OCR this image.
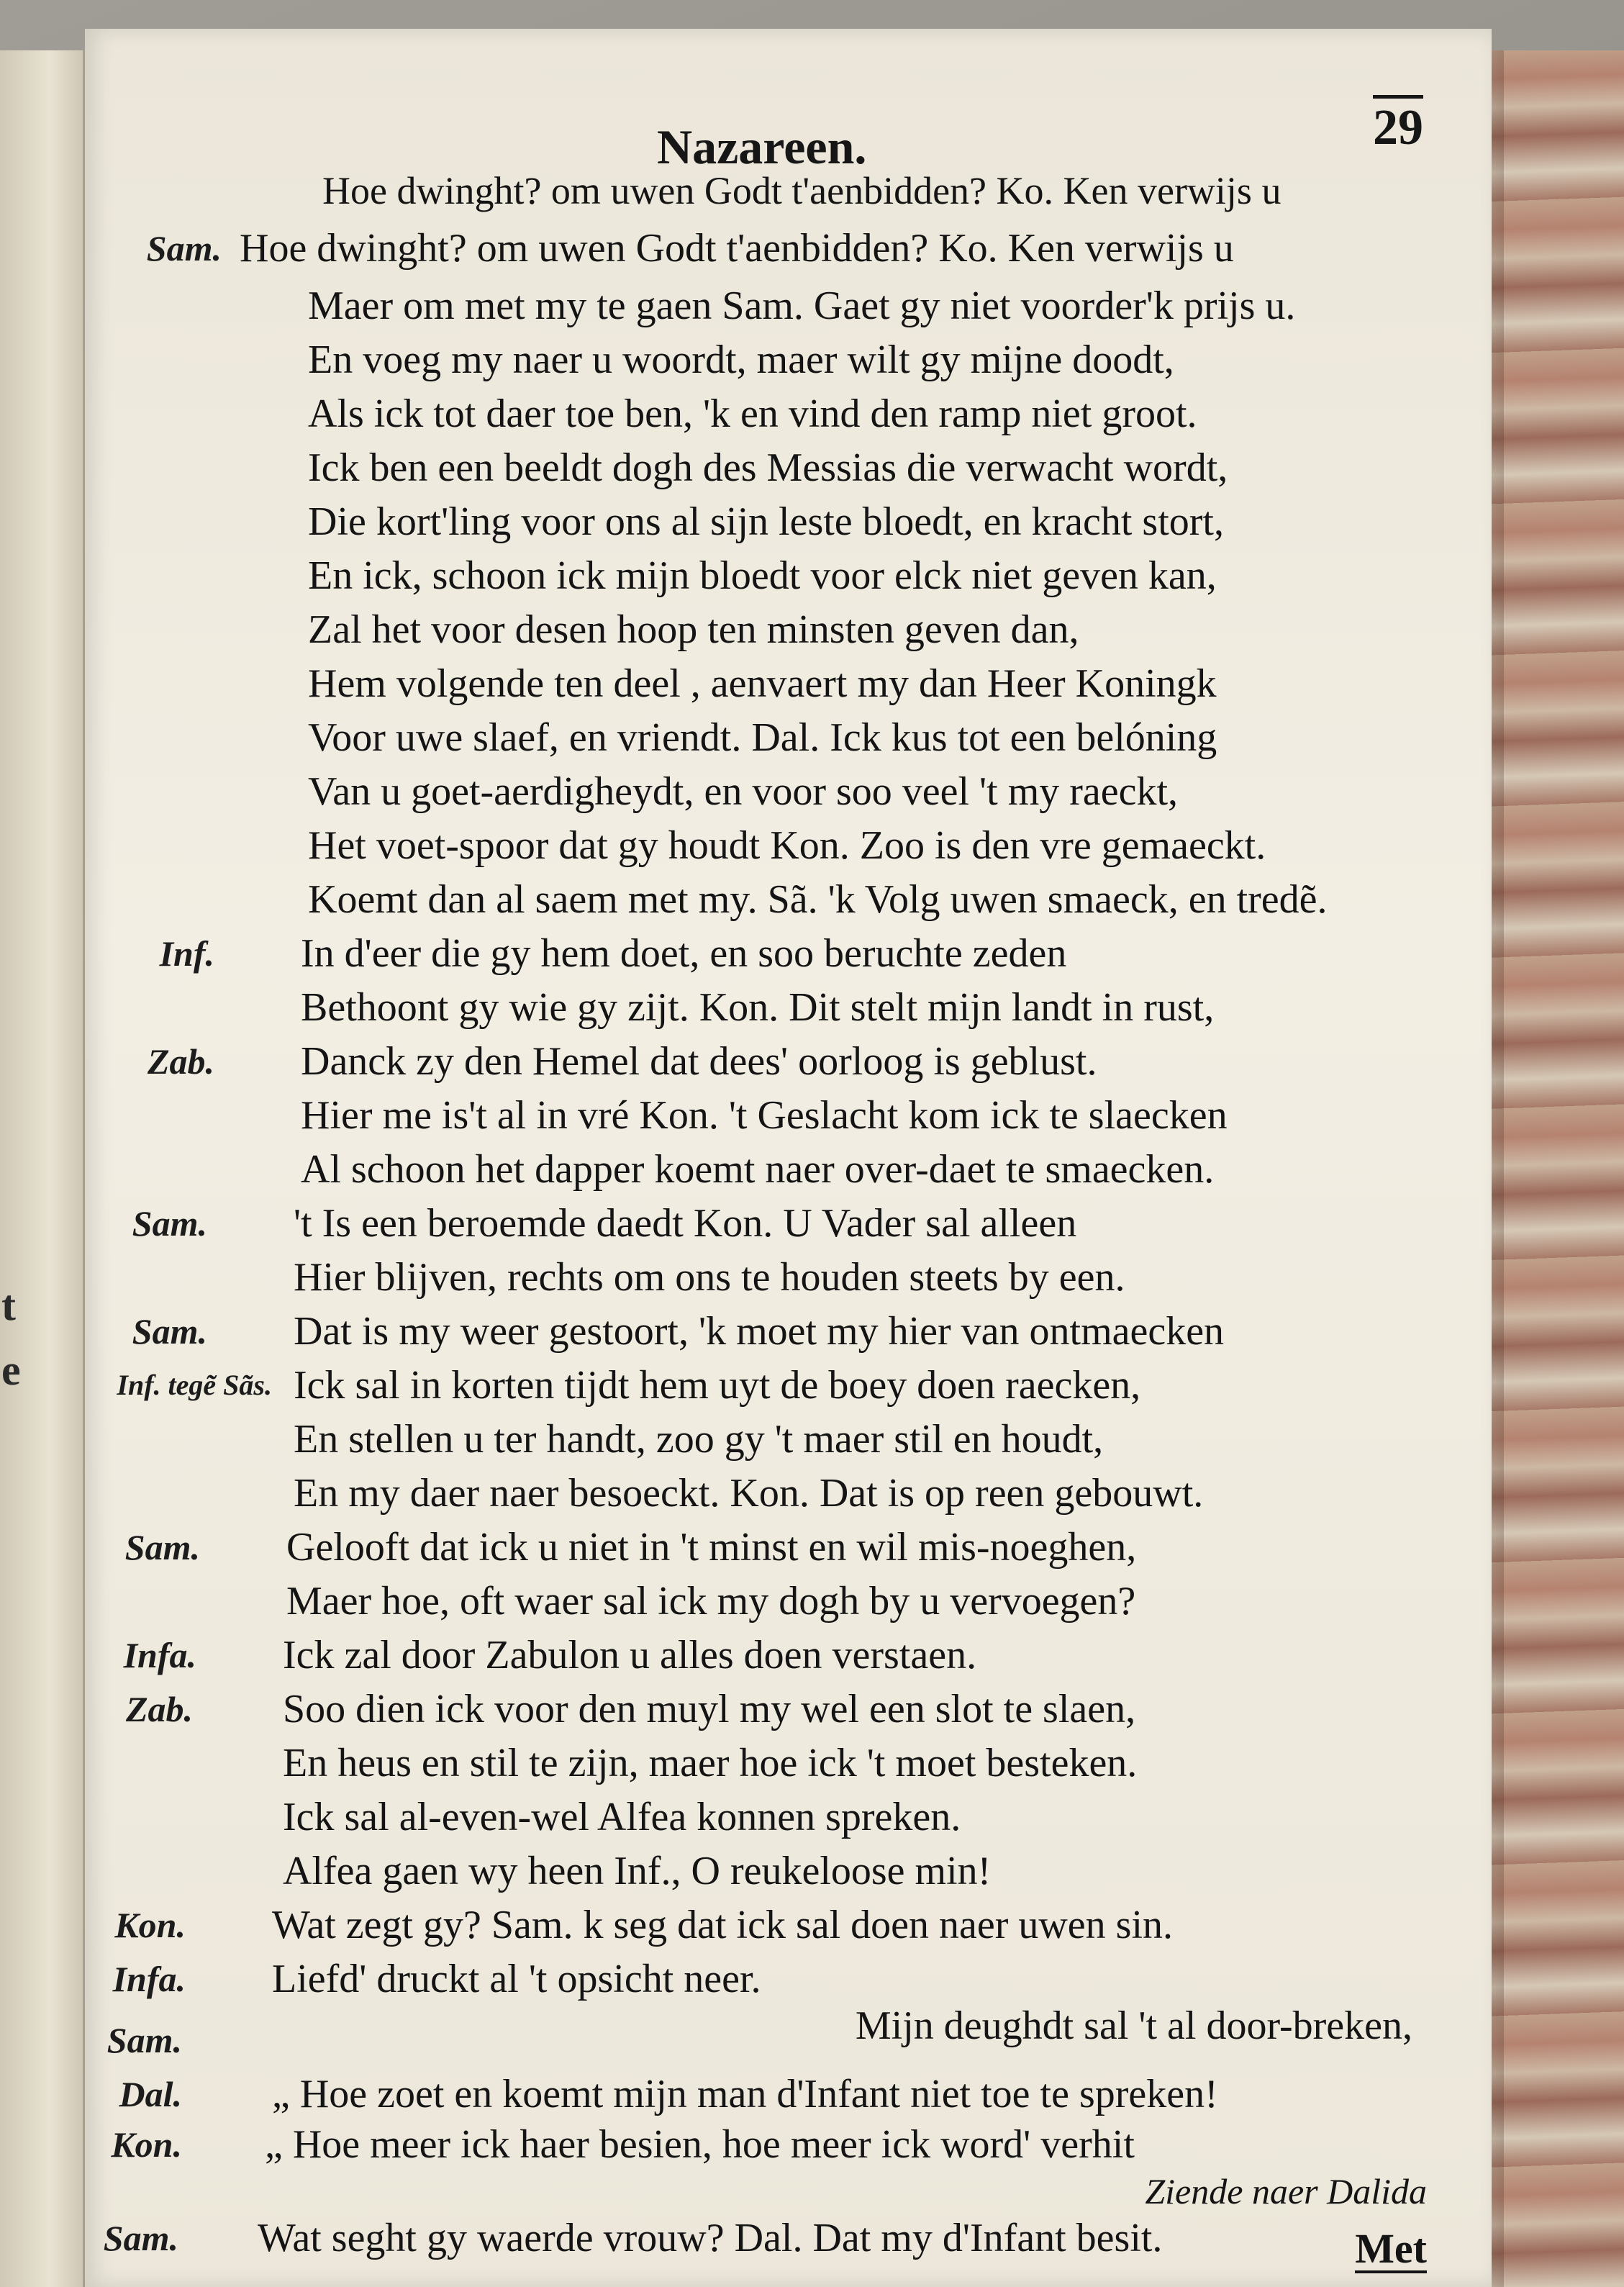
t
e
Nazareen.	29
Hoe dwinght? om uwen Godt t'aenbidden? Ko. Ken verwijs u
Sam. Hoe dwinght? om uwen Godt t'aenbidden? Ko. Ken verwijs u
Maer om met my te gaen Sam. Gaet gy niet voorder'k prijs u.
En voeg my naer u woordt, maer wilt gy mijne doodt,
Als ick tot daer toe ben, 'k en vind den ramp niet groot.
Ick ben een beeldt dogh des Messias die verwacht wordt,
Die kort'ling voor ons al sijn leste bloedt, en kracht stort,
En ick, schoon ick mijn bloedt voor elck niet geven kan,
Zal het voor desen hoop ten minsten geven dan,
Hem volgende ten deel , aenvaert my dan Heer Koningk
Voor uwe slaef, en vriendt. Dal. Ick kus tot een belóning
Van u goet-aerdigheydt, en voor soo veel 't my raeckt,
Het voet-spoor dat gy houdt Kon. Zoo is den vre gemaeckt.
Koemt dan al saem met my. Sã. 'k Volg uwen smaeck, en tredẽ.
Inf. In d'eer die gy hem doet, en soo beruchte zeden
Bethoont gy wie gy zijt. Kon. Dit stelt mijn landt in rust,
Zab. Danck zy den Hemel dat dees' oorloog is geblust.
Hier me is't al in vré Kon. 't Geslacht kom ick te slaecken
Al schoon het dapper koemt naer over-daet te smaecken.
Sam. 't Is een beroemde daedt Kon. U Vader sal alleen
Hier blijven, rechts om ons te houden steets by een.
Sam. Dat is my weer gestoort, 'k moet my hier van ontmaecken
Inf. tegẽ Sãs. Ick sal in korten tijdt hem uyt de boey doen raecken,
En stellen u ter handt, zoo gy 't maer stil en houdt,
En my daer naer besoeckt. Kon. Dat is op reen gebouwt.
Sam. Gelooft dat ick u niet in 't minst en wil mis-noeghen,
Maer hoe, oft waer sal ick my dogh by u vervoegen?
Infa. Ick zal door Zabulon u alles doen verstaen.
Zab. Soo dien ick voor den muyl my wel een slot te slaen,
En heus en stil te zijn, maer hoe ick 't moet besteken.
Ick sal al-even-wel Alfea konnen spreken.
Alfea gaen wy heen Inf., O reukeloose min!
Kon. Wat zegt gy? Sam. k seg dat ick sal doen naer uwen sin.
Infa. Liefd' druckt al 't opsicht neer.
Sam.	Mijn deughdt sal 't al door-breken,
Dal. „ Hoe zoet en koemt mijn man d'Infant niet toe te spreken!
Kon. „ Hoe meer ick haer besien, hoe meer ick word' verhit
Ziende naer Dalida
Sam. Wat seght gy waerde vrouw? Dal. Dat my d'Infant besit.	Met
